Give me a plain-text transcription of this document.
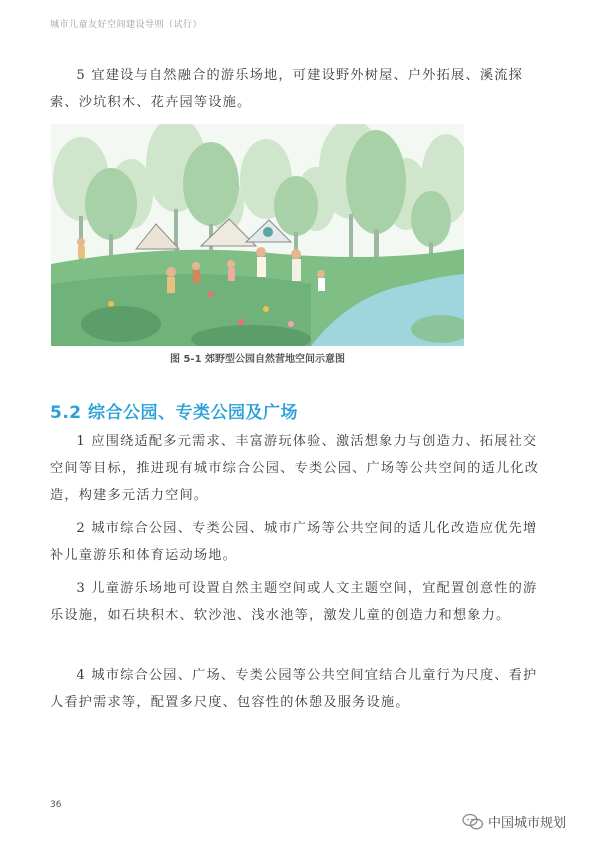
城市儿童友好空间建设导则（试行）

5 宜建设与自然融合的游乐场地，可建设野外树屋、户外拓展、溪流探索、沙坑积木、花卉园等设施。

图 5-1 郊野型公园自然营地空间示意图
5.2 综合公园、专类公园及广场

1 应围绕适配多元需求、丰富游玩体验、激活想象力与创造力、拓展社交空间等目标，推进现有城市综合公园、专类公园、广场等公共空间的适儿化改造，构建多元活力空间。

2 城市综合公园、专类公园、城市广场等公共空间的适儿化改造应优先增补儿童游乐和体育运动场地。

3 儿童游乐场地可设置自然主题空间或人文主题空间，宜配置创意性的游乐设施，如石块积木、软沙池、浅水池等，激发儿童的创造力和想象力。

4 城市综合公园、广场、专类公园等公共空间宜结合儿童行为尺度、看护人看护需求等，配置多尺度、包容性的休憩及服务设施。

36
中国城市规划
